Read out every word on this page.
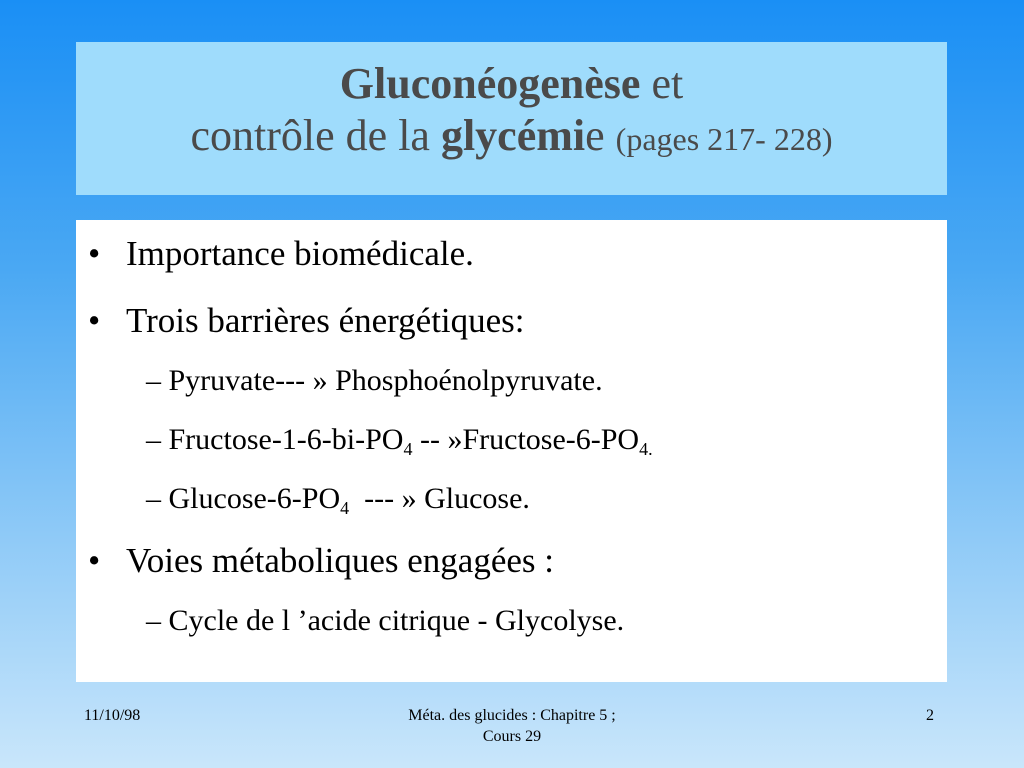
Gluconéogenèse et
contrôle de la glycémie (pages 217- 228)
• Importance biomédicale.
• Trois barrières énergétiques:
– Pyruvate--- » Phosphoénolpyruvate.
– Fructose-$1-6-bi-PO_4$ -- $»Fructose-6-PO_{4.}$
– Glucose-$6-PO_4$  --- » Glucose.
• Voies métaboliques engagées :
– Cycle de l ’acide citrique - Glycolyse.
11/10/98	Méta. des glucides : Chapitre 5 ;
Cours 29
2
